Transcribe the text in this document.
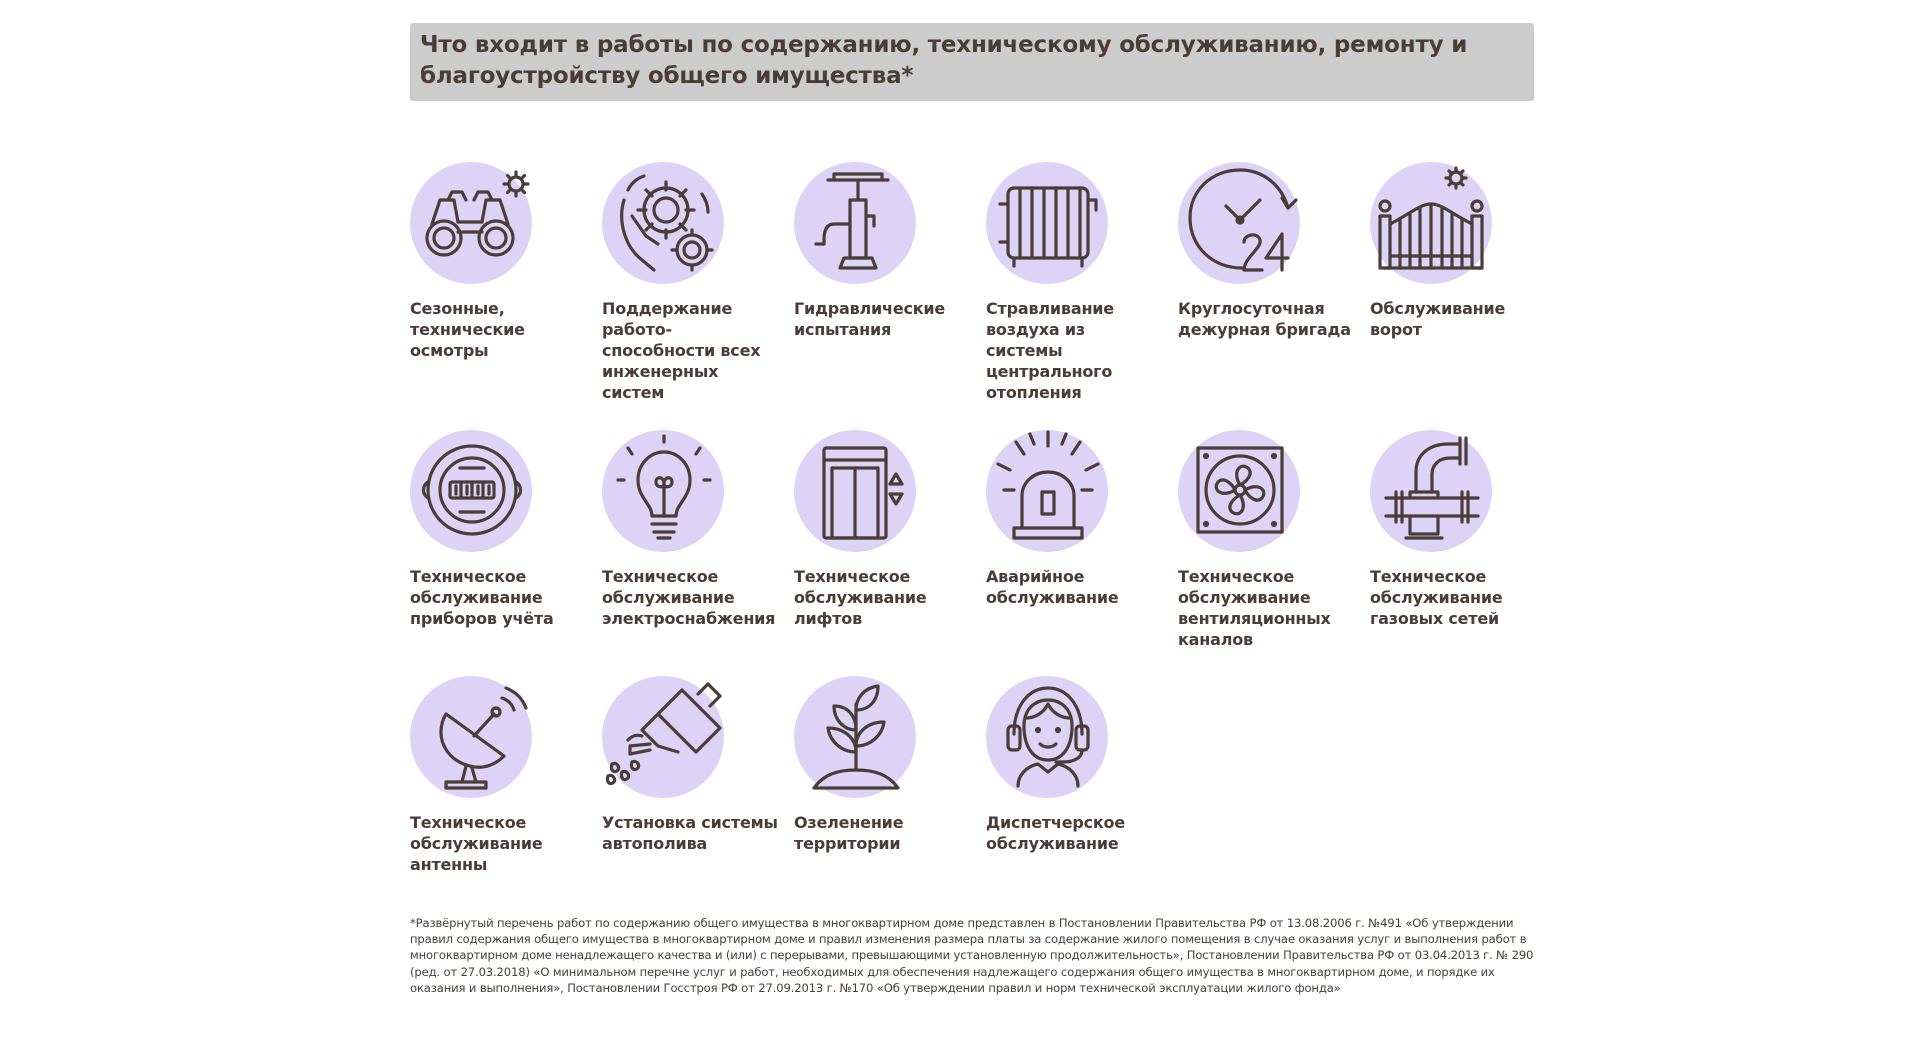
Что входит в работы по содержанию, техническому обслуживанию, ремонту и благоустройству общего имущества*
Сезонные, технические осмотры
Поддержание работо-способности всех инженерных систем
Гидравлические испытания
Стравливание воздуха из системы центрального отопления
Круглосуточная дежурная бригада
Обслуживание ворот
Техническое обслуживание приборов учёта
Техническое обслуживание электроснабжения
Техническое обслуживание лифтов
Аварийное обслуживание
Техническое обслуживание вентиляционных каналов
Техническое обслуживание газовых сетей
Техническое обслуживание антенны
Установка системы автополива
Озеленение территории
Диспетчерское обслуживание
*Развёрнутый перечень работ по содержанию общего имущества в многоквартирном доме представлен в Постановлении Правительства РФ от 13.08.2006 г. №491 «Об утверждении правил содержания общего имущества в многоквартирном доме и правил изменения размера платы за содержание жилого помещения в случае оказания услуг и выполнения работ в многоквартирном доме ненадлежащего качества и (или) с перерывами, превышающими установленную продолжительность», Постановлении Правительства РФ от 03.04.2013 г. № 290 (ред. от 27.03.2018) «О минимальном перечне услуг и работ, необходимых для обеспечения надлежащего содержания общего имущества в многоквартирном доме, и порядке их оказания и выполнения», Постановлении Госстроя РФ от 27.09.2013 г. №170 «Об утверждении правил и норм технической эксплуатации жилого фонда»
